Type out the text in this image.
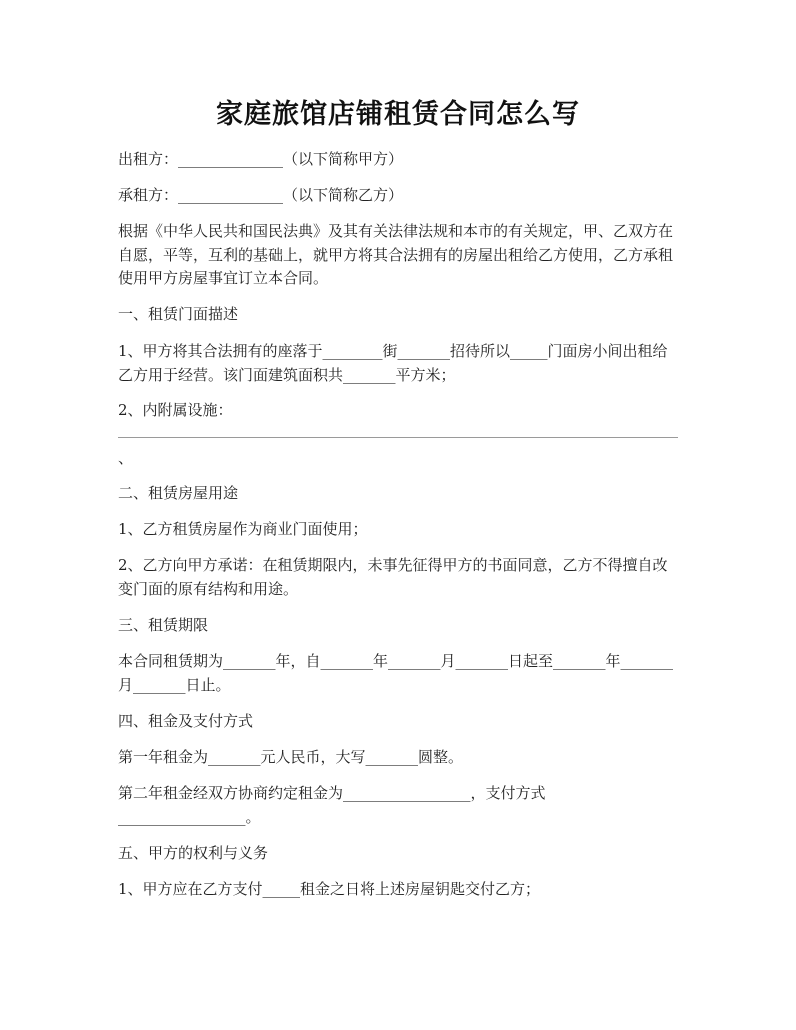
家庭旅馆店铺租赁合同怎么写
出租方：______________（以下简称甲方）
承租方：______________（以下简称乙方）
根据《中华人民共和国民法典》及其有关法律法规和本市的有关规定，甲、乙双方在自愿，平等，互利的基础上，就甲方将其合法拥有的房屋出租给乙方使用，乙方承租使用甲方房屋事宜订立本合同。
一、租赁门面描述
1、甲方将其合法拥有的座落于________街_______招待所以_____门面房小间出租给乙方用于经营。该门面建筑面积共_______平方米；
2、内附属设施：
、
二、租赁房屋用途
1、乙方租赁房屋作为商业门面使用；
2、乙方向甲方承诺：在租赁期限内，未事先征得甲方的书面同意，乙方不得擅自改变门面的原有结构和用途。
三、租赁期限
本合同租赁期为_______年，自_______年_______月_______日起至_______年_______月_______日止。
四、租金及支付方式
第一年租金为_______元人民币，大写_______圆整。
第二年租金经双方协商约定租金为_________________，支付方式_________________。
五、甲方的权利与义务
1、甲方应在乙方支付_____租金之日将上述房屋钥匙交付乙方；
